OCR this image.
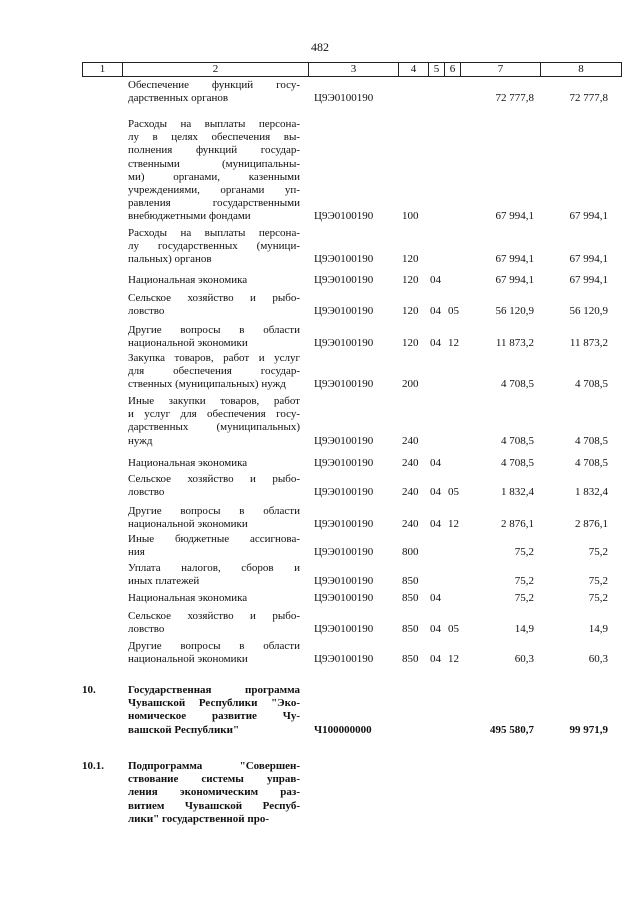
482
1	2	3	4	5 6	7	8
Обеспечение функций госу-
дарственных органов	Ц9Э0100190	72 777,8	72 777,8
Расходы на выплаты персона-
лу в целях обеспечения вы-
полнения функций государ-
ственными (муниципальны-
ми) органами, казенными
учреждениями, органами уп-
равления государственными
внебюджетными фондами	Ц9Э0100190	100	67 994,1	67 994,1
Расходы на выплаты персона-
лу государственных (муници-
пальных) органов	Ц9Э0100190	120	67 994,1	67 994,1
Национальная экономика	Ц9Э0100190	120	04	67 994,1	67 994,1
Сельское хозяйство и рыбо-
ловство	Ц9Э0100190	120	04 05	56 120,9	56 120,9
Другие вопросы в области
национальной экономики	Ц9Э0100190	120	04 12	11 873,2	11 873,2
Закупка товаров, работ и услуг
для обеспечения государ-
ственных (муниципальных) нужд	Ц9Э0100190	200	4 708,5	4 708,5
Иные закупки товаров, работ
и услуг для обеспечения госу-
дарственных (муниципальных)
нужд	Ц9Э0100190	240	4 708,5	4 708,5
Национальная экономика	Ц9Э0100190	240	04	4 708,5	4 708,5
Сельское хозяйство и рыбо-
ловство	Ц9Э0100190	240	04 05	1 832,4	1 832,4
Другие вопросы в области
национальной экономики	Ц9Э0100190	240	04 12	2 876,1	2 876,1
Иные бюджетные ассигнова-
ния	Ц9Э0100190	800	75,2	75,2
Уплата налогов, сборов и
иных платежей	Ц9Э0100190	850	75,2	75,2
Национальная экономика	Ц9Э0100190	850	04	75,2	75,2
Сельское хозяйство и рыбо-
ловство	Ц9Э0100190	850	04 05	14,9	14,9
Другие вопросы в области
национальной экономики	Ц9Э0100190	850	04 12	60,3	60,3
10.	Государственная программа
Чувашской Республики "Эко-
номическое развитие Чу-
вашской Республики"	Ч100000000	495 580,7	99 971,9
10.1.	Подпрограмма "Совершен-
ствование системы управ-
ления экономическим раз-
витием Чувашской Респуб-
лики" государственной про-
